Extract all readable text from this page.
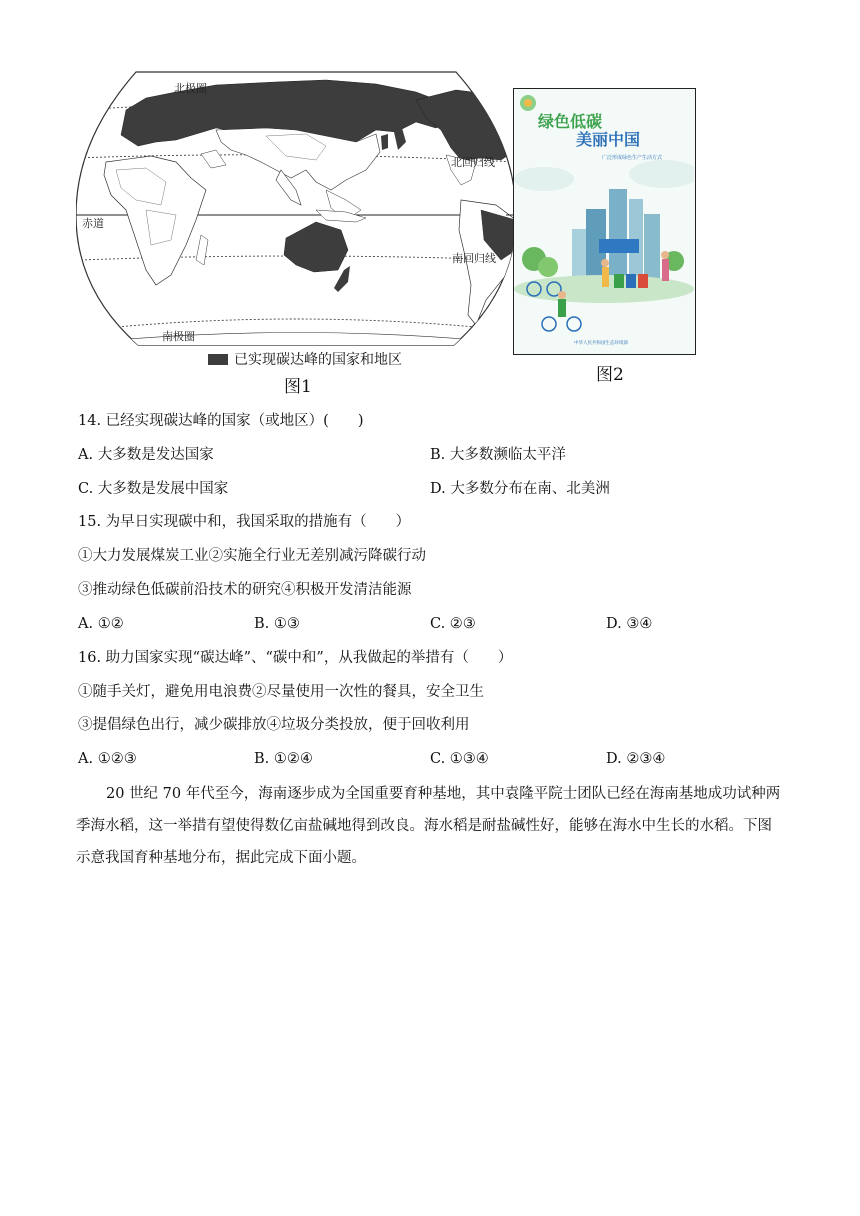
北极圈
北回归线
赤道
南回归线
南极圈
已实现碳达峰的国家和地区
图1
绿色低碳
美丽中国
广泛形成绿色生产生活方式
中华人民共和国生态环境部
图2
14. 已经实现碳达峰的国家（或地区）(　　)
A. 大多数是发达国家	B. 大多数濒临太平洋
C. 大多数是发展中国家	D. 大多数分布在南、北美洲
15. 为早日实现碳中和，我国采取的措施有（　　）
①大力发展煤炭工业②实施全行业无差别减污降碳行动
③推动绿色低碳前沿技术的研究④积极开发清洁能源
A. ①②	B. ①③	C. ②③	D. ③④
16. 助力国家实现“碳达峰”、“碳中和”，从我做起的举措有（　　）
①随手关灯，避免用电浪费②尽量使用一次性的餐具，安全卫生
③提倡绿色出行，减少碳排放④垃圾分类投放，便于回收利用
A. ①②③	B. ①②④	C. ①③④	D. ②③④
20 世纪 70 年代至今，海南逐步成为全国重要育种基地，其中袁隆平院士团队已经在海南基地成功试种两季海水稻，这一举措有望使得数亿亩盐碱地得到改良。海水稻是耐盐碱性好，能够在海水中生长的水稻。下图示意我国育种基地分布，据此完成下面小题。
